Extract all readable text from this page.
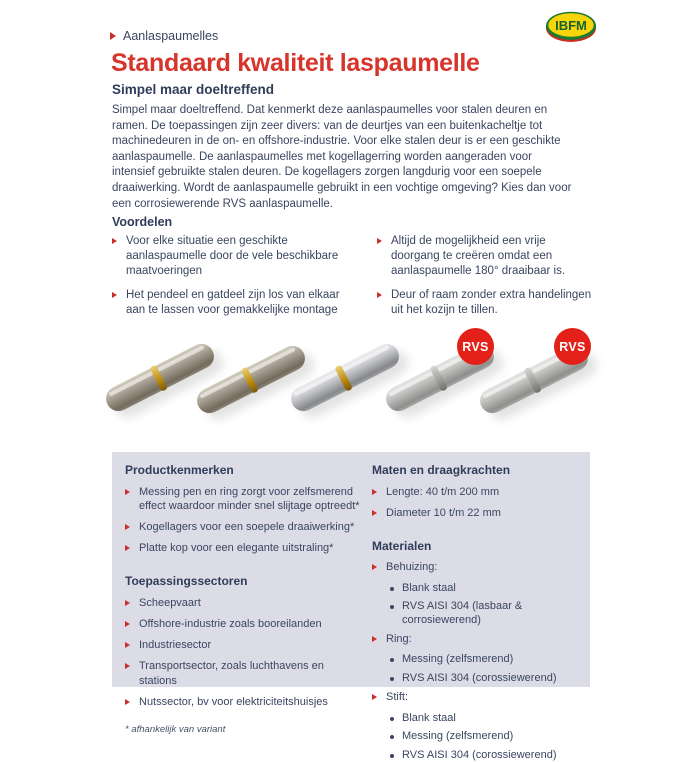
IBFM
Aanlaspaumelles
Standaard kwaliteit laspaumelle
Simpel maar doeltreffend

Simpel maar doeltreffend. Dat kenmerkt deze aanlaspaumelles voor stalen deuren en ramen. De toepassingen zijn zeer divers: van de deurtjes van een buitenkacheltje tot machinedeuren in de on- en offshore-industrie. Voor elke stalen deur is er een geschikte aanlaspaumelle. De aanlaspaumelles met kogellagerring worden aangeraden voor intensief gebruikte stalen deuren. De kogellagers zorgen langdurig voor een soepele draaiwerking. Wordt de aanlaspaumelle gebruikt in een vochtige omgeving? Kies dan voor een corrosiewerende RVS aanlaspaumelle.

Voordelen
Voor elke situatie een geschikte aanlaspaumelle door de vele beschikbare maatvoeringen
Het pendeel en gatdeel zijn los van elkaar aan te lassen voor gemakkelijke montage
Altijd de mogelijkheid een vrije doorgang te creëren omdat een aanlaspaumelle 180° draaibaar is.
Deur of raam zonder extra handelingen uit het kozijn te tillen.
RVS	RVS
Productkenmerken
Messing pen en ring zorgt voor zelfsmerend effect waardoor minder snel slijtage optreedt*
Kogellagers voor een soepele draaiwerking*
Platte kop voor een elegante uitstraling*
Toepassingssectoren
Scheepvaart
Offshore-industrie zoals booreilanden
Industriesector
Transportsector, zoals luchthavens en stations
Nutssector, bv voor elektriciteitshuisjes
* afhankelijk van variant
Maten en draagkrachten
Lengte: 40 t/m 200 mm
Diameter 10 t/m 22 mm
Materialen
Behuizing:
Blank staal
RVS AISI 304 (lasbaar & corrosiewerend)
Ring:
Messing (zelfsmerend)
RVS AISI 304 (corossiewerend)
Stift:
Blank staal
Messing (zelfsmerend)
RVS AISI 304 (corossiewerend)
